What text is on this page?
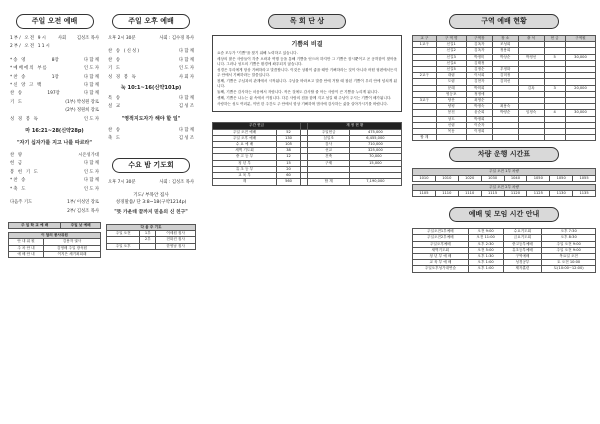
주일 오전 예배
1부/ 오전 9시	사회	김성조 목사
2부/ 오전 11시
*송 영	8장	다 함 께
*예배에의 부름	인 도 자
*찬 송	1장	다 함 께
*신 앙 고 백	다 함 께
찬 송	197장	다 함 께
기 도	(1부) 박성원 장로
(2부) 정원희 장로
성 경 봉 독	인 도 자
마 16:21~28(신약28p)
"자기 십자가를 지고 나를 따르라"
찬 양	시온성가대
헌 금	다 함 께
봉 헌 기 도	인 도 자
*찬 송	다 함 께
*축 도	인 도 자
다음주 기도	1부/ 이성연 장로
2부/ 김성조 목사
주 일 학 교 예 배	주일 낮 예배
이 달의 봉사위원	
안 내 위 원	김용자 권사
주 차 안 내	김영배 주일 장석원
예 배 안 내	이지은 세기최희래
주일 오후 예배
오후 2시 30분	사회 : 김수경 목사
찬 송 (신성)	다 함 께
찬 송	다 함 께
기 도	인 도 자
성 경 봉 독	사 회 자
눅 10:1~16(신약101p)
특 송	다 함 께
설 교	김 성 조
"영적지도자가 해야 할 일"
찬 송	다 함 께
축 도	김 성 조
수요 밤 기도회
오후 7시 30분	사회 : 김성조 목사
기도/ 부목안 집사
성경말씀/ 단 3:8~18(구약1214p)
"뜻 가운데 끝까지 믿음의 신 친구"
다 음 주 기도		
주일 오전	1부	이세원 집사
	2부	전화진 집사
주일 오후		한영남 집사
목 회 단 상
기쁨의 비결

요즘 모두가 "기쁨"을 찾기 위해 노력하고 있습니다.

세상의 많은 사람들이 각종 오락과 여행 등을 통해 기쁨을 얻으려 하지만 그 기쁨은 잠시뿐이고 곧 공허함이 찾아옵니다. 그러나 성도의 기쁨은 환경에 좌우되지 않습니다.

성경은 우리에게 항상 기뻐하라고 말씀합니다. 이것은 상황이 좋을 때만 기뻐하라는 것이 아니라 어떤 형편에서든지 주 안에서 기뻐하라는 말씀입니다.

첫째, 기쁨은 주님과의 관계에서 시작됩니다. 주님을 바라보고 말씀 안에 거할 때 참된 기쁨이 우리 안에 넘치게 됩니다.

둘째, 기쁨은 감사하는 마음에서 자랍니다. 작은 것에도 감사할 줄 아는 사람이 큰 기쁨을 누리게 됩니다.

셋째, 기쁨은 나누는 삶 속에서 커집니다. 다른 사람의 짐을 함께 지고 섬길 때 주님이 주시는 기쁨이 배가됩니다.

사랑하는 성도 여러분, 이번 한 주간도 주 안에서 항상 기뻐하며 범사에 감사하는 삶을 살아가시기를 바랍니다.

주간 헌금			재 정 현 황	
주일 오전 예배	52		주일헌금	475,000
주일 오후 예배	130		십일조	6,455,000
수 요 예 배	105		감사	710,000
새벽 기도회	38		선교	325,000
중 고 등 부	12		건축	70,000
청 년 부	15		구제	15,000
유 초 등 부	20			
교 육 부	60			
계	560		합 계	7,190,000
구역 예배 현황
교 구	구 역 명	구역장	장 소	출 석	헌 금	구역원
1교구	신길1	김옥자	조성희			
	신길2	김옥자	정용희			
	신길3	박정미	박상순	박정선	5	30,000
	신길4	김태정				
	신길5	김정순	우정화			
2교구	대림	이서희	김미정			
	도림	김현자	김미선			
	문래	박미희		김옥	3	20,000
	영등포	정정애				
3교구	당산	최영순				
	양평	박정숙	최용숙			
	봉천	윤순희	박양순	임정숙	4	30,000
	상도	박정희				
	신림	이순자				
	목동	이정희				
합 계						
차량 운행 시간표
주일 오전 1부 차량
1010	1010	1020	1030	1040	1050	1050	1055
주일 오전 2부 차량
1105	1110	1110	1115	1120	1125	1130	1135
예배 및 모임 시간 안내
주일오전1부예배	오전 9:00	수요기도회	오후 7:30
주일오전2부예배	오전 11:00	금요기도회	오후 8:30
주일오후예배	오후 2:30	중고등부예배	주일 오전 9:00
새벽기도회	오전 5:00	유초등부예배	주일 오전 9:00
청 년 부 예 배	오후 1:30	구역예배	목요일 오전
교 육 부 예 배	오후 1:00	성경공부	토 오전 10:00
주일오후성가대연습	오후 1:00	제자훈련	토(10:00~12:00)
